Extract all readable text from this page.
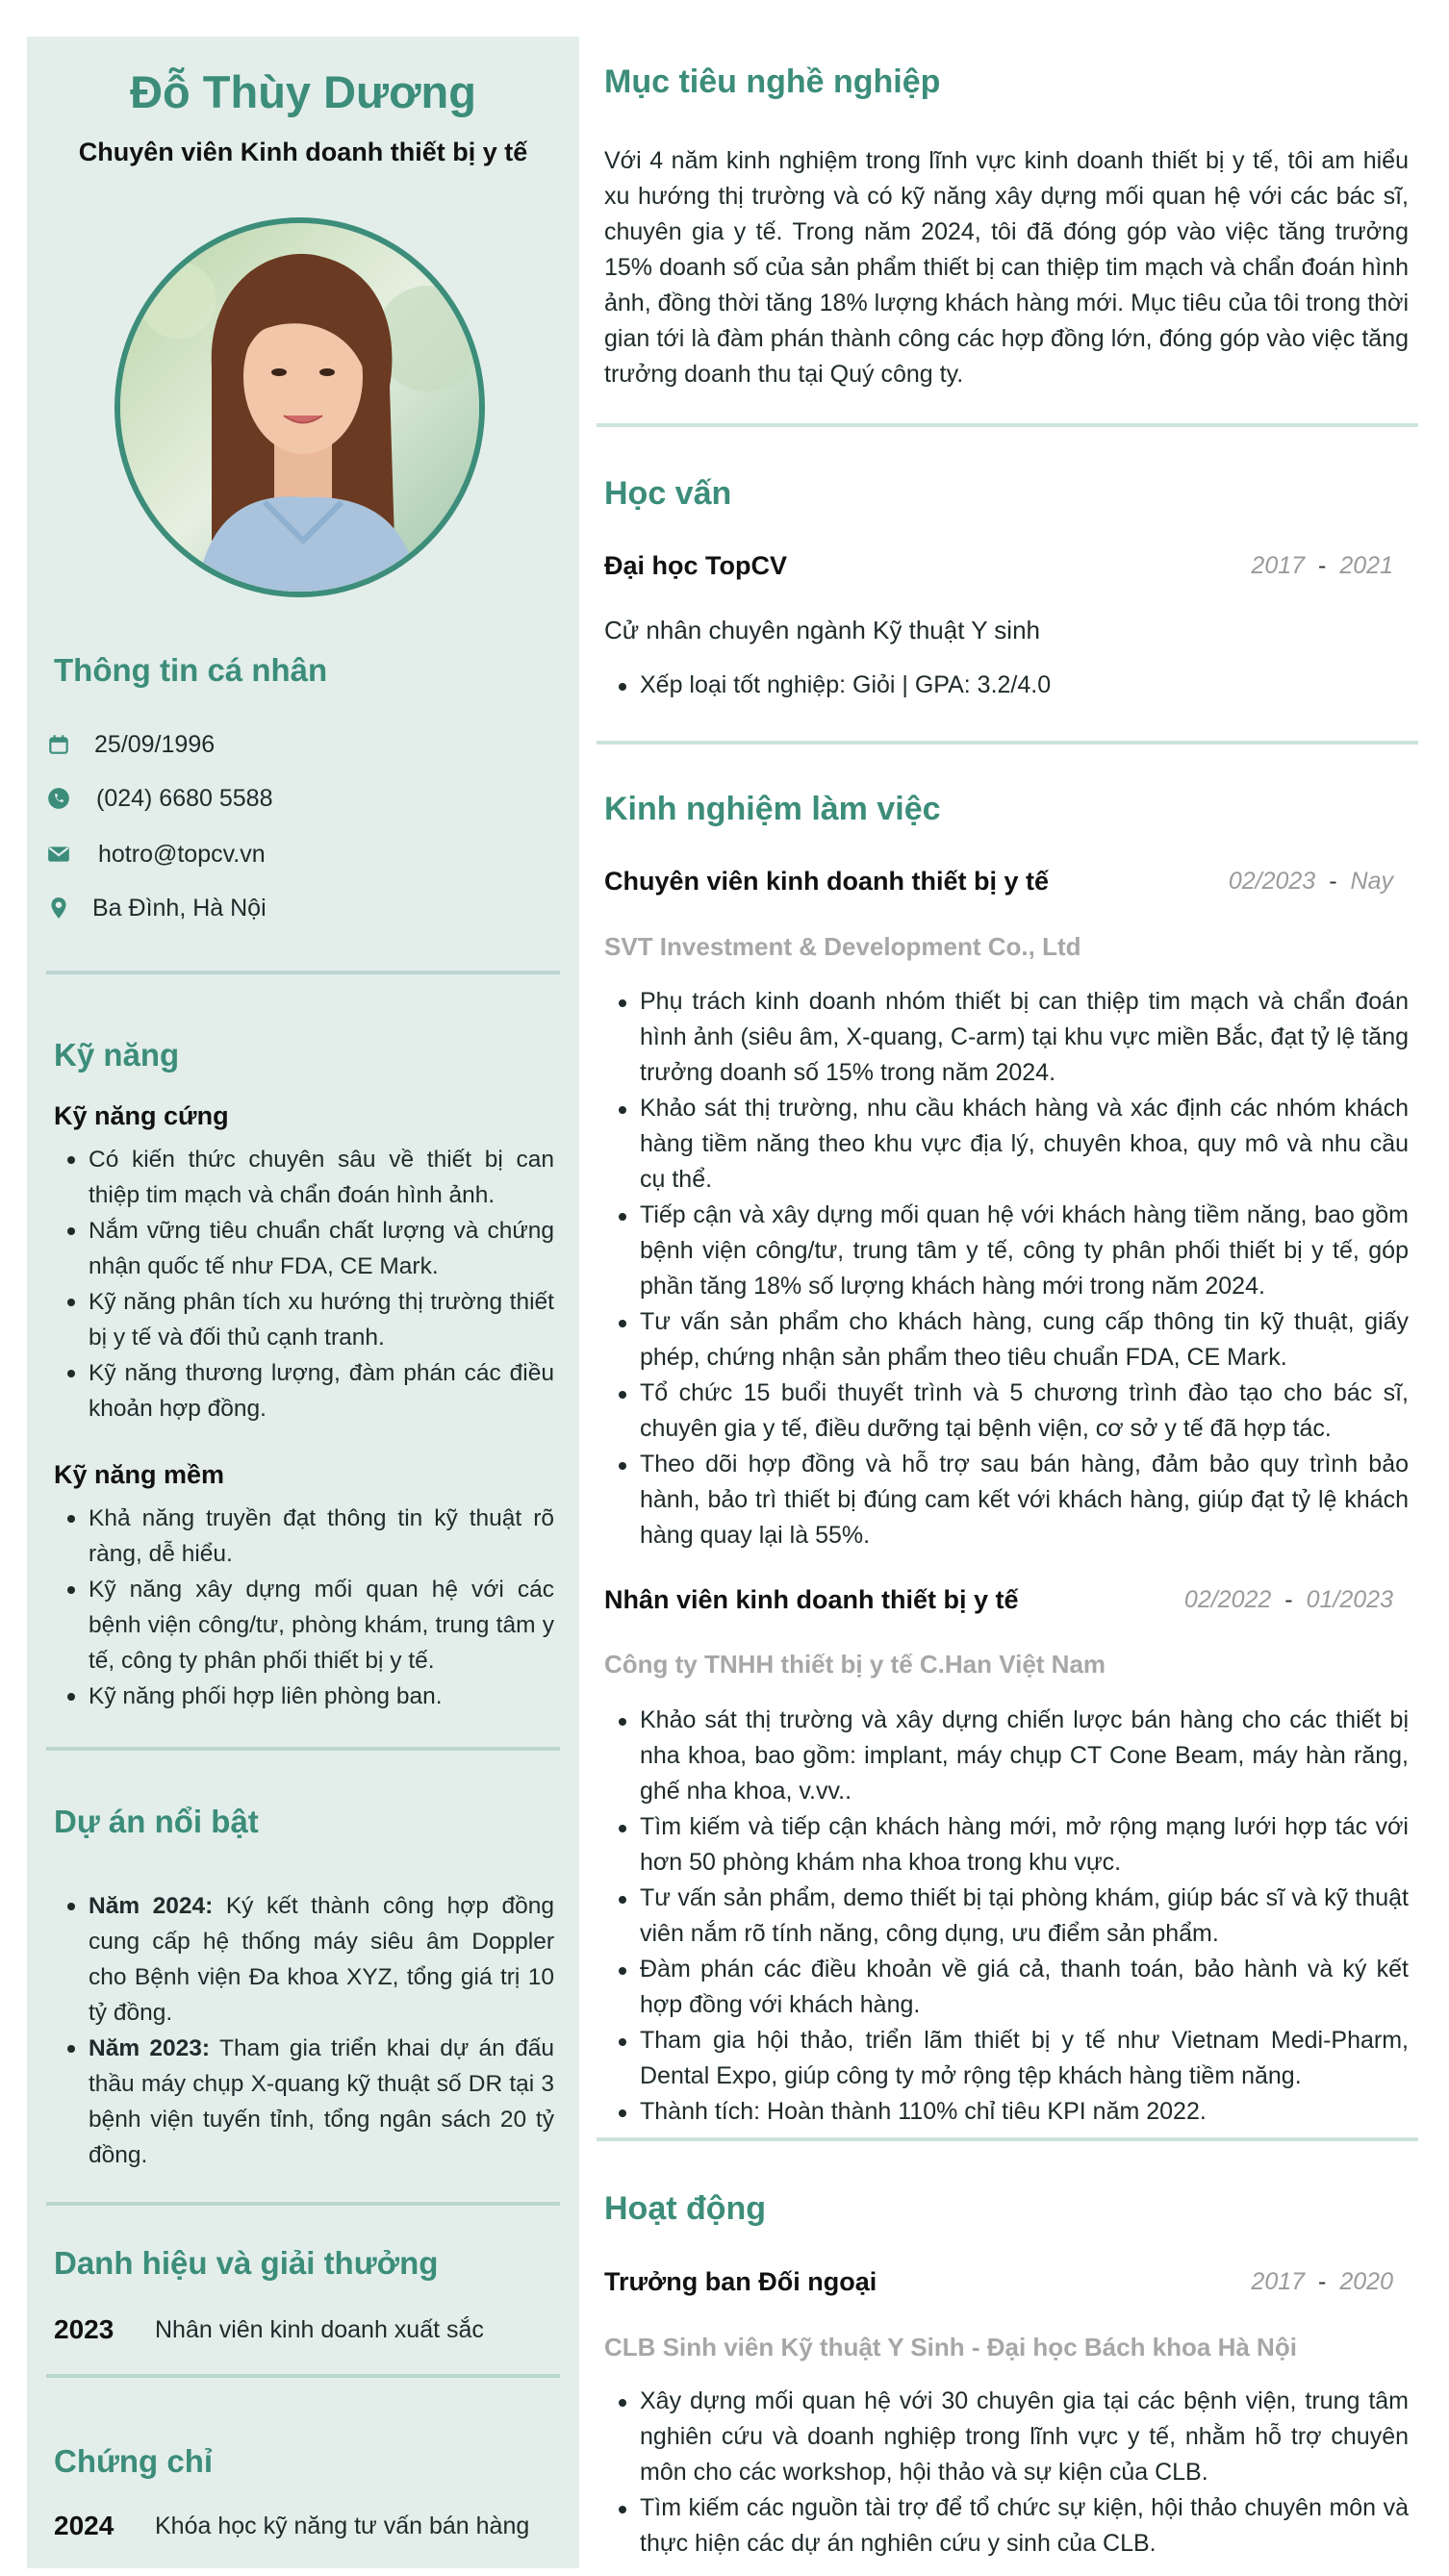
Đỗ Thùy Dương

Chuyên viên Kinh doanh thiết bị y tế

Thông tin cá nhân
25/09/1996
(024) 6680 5588
hotro@topcv.vn
Ba Đình, Hà Nội
Kỹ năng
Kỹ năng cứng
Có kiến thức chuyên sâu về thiết bị can thiệp tim mạch và chẩn đoán hình ảnh.
Nắm vững tiêu chuẩn chất lượng và chứng nhận quốc tế như FDA, CE Mark.
Kỹ năng phân tích xu hướng thị trường thiết bị y tế và đối thủ cạnh tranh.
Kỹ năng thương lượng, đàm phán các điều khoản hợp đồng.
Kỹ năng mềm
Khả năng truyền đạt thông tin kỹ thuật rõ ràng, dễ hiểu.
Kỹ năng xây dựng mối quan hệ với các bệnh viện công/tư, phòng khám, trung tâm y tế, công ty phân phối thiết bị y tế.
Kỹ năng phối hợp liên phòng ban.
Dự án nổi bật
Năm 2024: Ký kết thành công hợp đồng cung cấp hệ thống máy siêu âm Doppler cho Bệnh viện Đa khoa XYZ, tổng giá trị 10 tỷ đồng.
Năm 2023: Tham gia triển khai dự án đấu thầu máy chụp X-quang kỹ thuật số DR tại 3 bệnh viện tuyến tỉnh, tổng ngân sách 20 tỷ đồng.
Danh hiệu và giải thưởng
2023	Nhân viên kinh doanh xuất sắc
Chứng chỉ
2024	Khóa học kỹ năng tư vấn bán hàng
Mục tiêu nghề nghiệp

Với 4 năm kinh nghiệm trong lĩnh vực kinh doanh thiết bị y tế, tôi am hiểu xu hướng thị trường và có kỹ năng xây dựng mối quan hệ với các bác sĩ, chuyên gia y tế. Trong năm 2024, tôi đã đóng góp vào việc tăng trưởng 15% doanh số của sản phẩm thiết bị can thiệp tim mạch và chẩn đoán hình ảnh, đồng thời tăng 18% lượng khách hàng mới. Mục tiêu của tôi trong thời gian tới là đàm phán thành công các hợp đồng lớn, đóng góp vào việc tăng trưởng doanh thu tại Quý công ty.

Học vấn
Đại học TopCV	2017 - 2021

Cử nhân chuyên ngành Kỹ thuật Y sinh

Xếp loại tốt nghiệp: Giỏi | GPA: 3.2/4.0
Kinh nghiệm làm việc
Chuyên viên kinh doanh thiết bị y tế	02/2023 - Nay

SVT Investment & Development Co., Ltd

Phụ trách kinh doanh nhóm thiết bị can thiệp tim mạch và chẩn đoán hình ảnh (siêu âm, X-quang, C-arm) tại khu vực miền Bắc, đạt tỷ lệ tăng trưởng doanh số 15% trong năm 2024.
Khảo sát thị trường, nhu cầu khách hàng và xác định các nhóm khách hàng tiềm năng theo khu vực địa lý, chuyên khoa, quy mô và nhu cầu cụ thể.
Tiếp cận và xây dựng mối quan hệ với khách hàng tiềm năng, bao gồm bệnh viện công/tư, trung tâm y tế, công ty phân phối thiết bị y tế, góp phần tăng 18% số lượng khách hàng mới trong năm 2024.
Tư vấn sản phẩm cho khách hàng, cung cấp thông tin kỹ thuật, giấy phép, chứng nhận sản phẩm theo tiêu chuẩn FDA, CE Mark.
Tổ chức 15 buổi thuyết trình và 5 chương trình đào tạo cho bác sĩ, chuyên gia y tế, điều dưỡng tại bệnh viện, cơ sở y tế đã hợp tác.
Theo dõi hợp đồng và hỗ trợ sau bán hàng, đảm bảo quy trình bảo hành, bảo trì thiết bị đúng cam kết với khách hàng, giúp đạt tỷ lệ khách hàng quay lại là 55%.
Nhân viên kinh doanh thiết bị y tế	02/2022 - 01/2023

Công ty TNHH thiết bị y tế C.Han Việt Nam

Khảo sát thị trường và xây dựng chiến lược bán hàng cho các thiết bị nha khoa, bao gồm: implant, máy chụp CT Cone Beam, máy hàn răng, ghế nha khoa, v.vv..
Tìm kiếm và tiếp cận khách hàng mới, mở rộng mạng lưới hợp tác với hơn 50 phòng khám nha khoa trong khu vực.
Tư vấn sản phẩm, demo thiết bị tại phòng khám, giúp bác sĩ và kỹ thuật viên nắm rõ tính năng, công dụng, ưu điểm sản phẩm.
Đàm phán các điều khoản về giá cả, thanh toán, bảo hành và ký kết hợp đồng với khách hàng.
Tham gia hội thảo, triển lãm thiết bị y tế như Vietnam Medi-Pharm, Dental Expo, giúp công ty mở rộng tệp khách hàng tiềm năng.
Thành tích: Hoàn thành 110% chỉ tiêu KPI năm 2022.
Hoạt động
Trưởng ban Đối ngoại	2017 - 2020

CLB Sinh viên Kỹ thuật Y Sinh - Đại học Bách khoa Hà Nội

Xây dựng mối quan hệ với 30 chuyên gia tại các bệnh viện, trung tâm nghiên cứu và doanh nghiệp trong lĩnh vực y tế, nhằm hỗ trợ chuyên môn cho các workshop, hội thảo và sự kiện của CLB.
Tìm kiếm các nguồn tài trợ để tổ chức sự kiện, hội thảo chuyên môn và thực hiện các dự án nghiên cứu y sinh của CLB.
